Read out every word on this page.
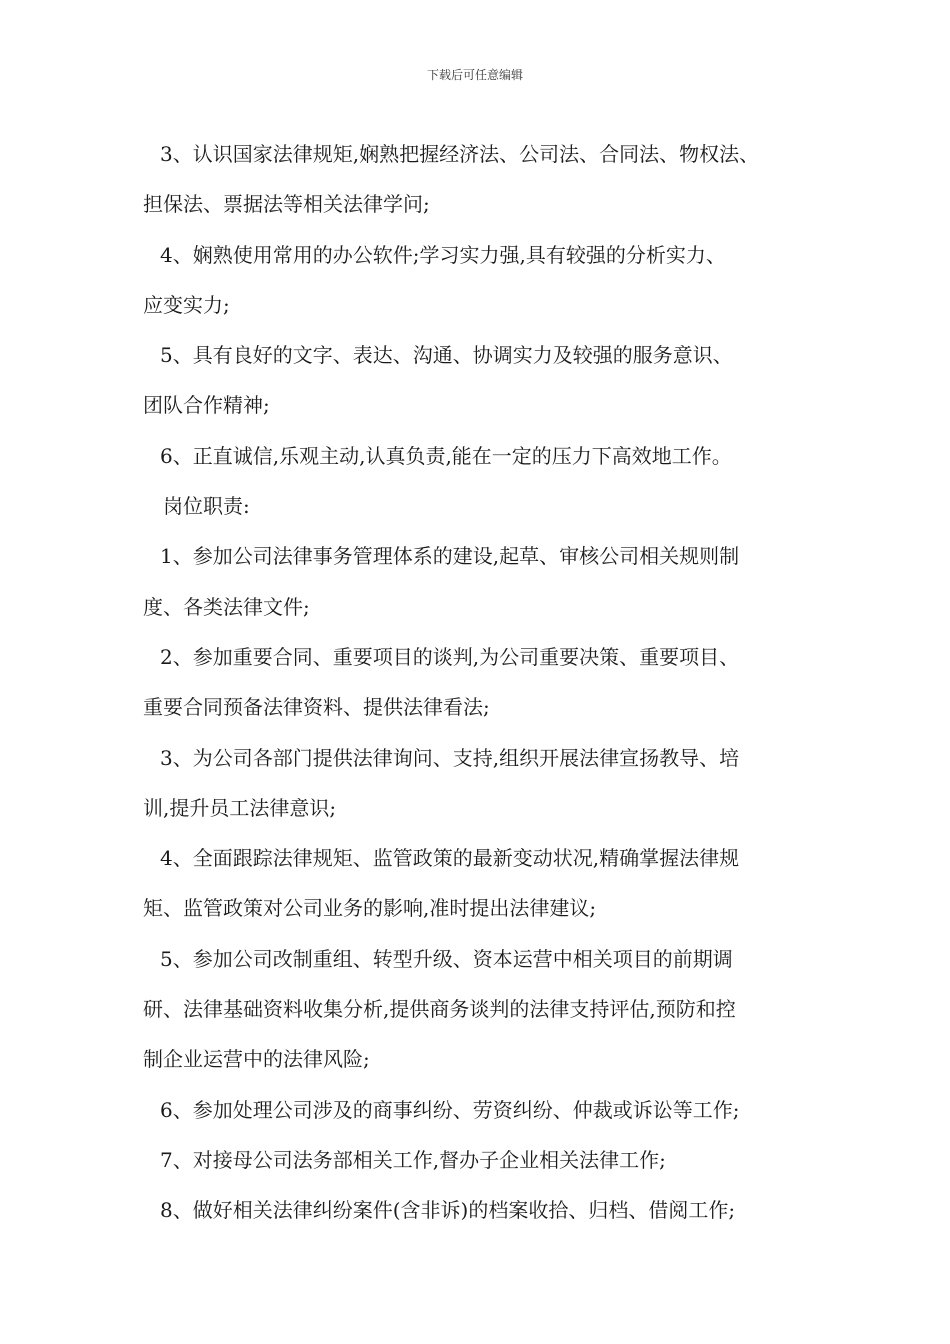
下载后可任意编辑
3、认识国家法律规矩,娴熟把握经济法、公司法、合同法、物权法、
担保法、票据法等相关法律学问;
4、娴熟使用常用的办公软件;学习实力强,具有较强的分析实力、
应变实力;
5、具有良好的文字、表达、沟通、协调实力及较强的服务意识、
团队合作精神;
6、正直诚信,乐观主动,认真负责,能在一定的压力下高效地工作。
岗位职责:
1、参加公司法律事务管理体系的建设,起草、审核公司相关规则制
度、各类法律文件;
2、参加重要合同、重要项目的谈判,为公司重要决策、重要项目、
重要合同预备法律资料、提供法律看法;
3、为公司各部门提供法律询问、支持,组织开展法律宣扬教导、培
训,提升员工法律意识;
4、全面跟踪法律规矩、监管政策的最新变动状况,精确掌握法律规
矩、监管政策对公司业务的影响,准时提出法律建议;
5、参加公司改制重组、转型升级、资本运营中相关项目的前期调
研、法律基础资料收集分析,提供商务谈判的法律支持评估,预防和控
制企业运营中的法律风险;
6、参加处理公司涉及的商事纠纷、劳资纠纷、仲裁或诉讼等工作;
7、对接母公司法务部相关工作,督办子企业相关法律工作;
8、做好相关法律纠纷案件(含非诉)的档案收拾、归档、借阅工作;
